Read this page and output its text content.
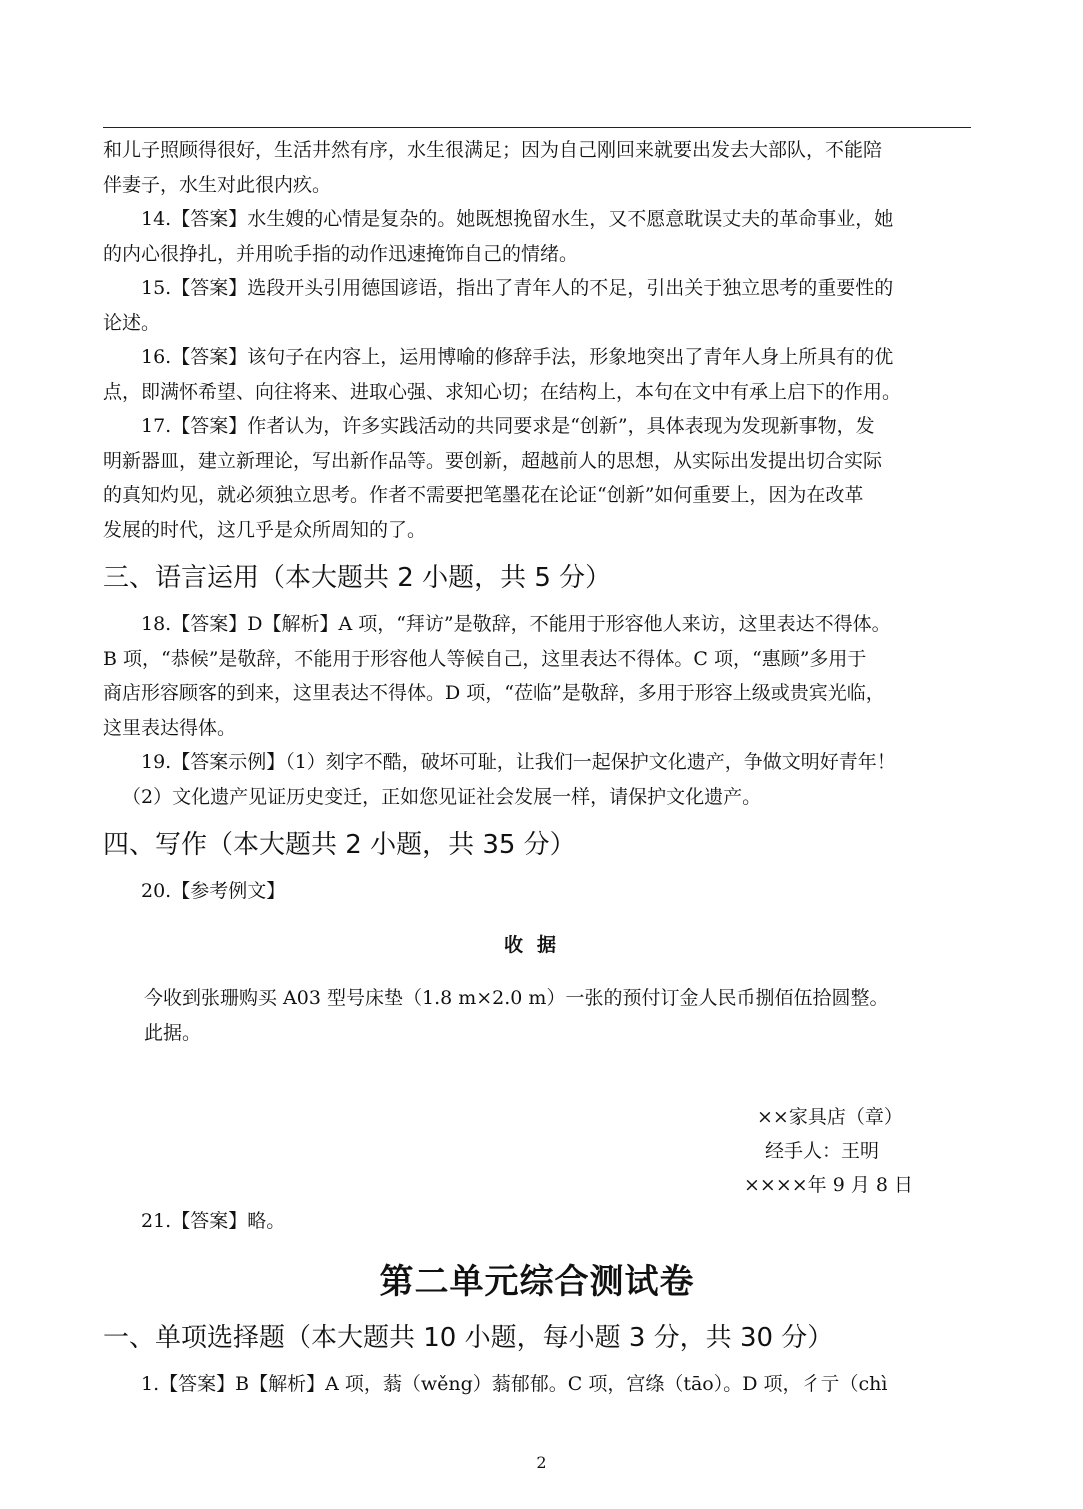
和儿子照顾得很好，生活井然有序，水生很满足；因为自己刚回来就要出发去大部队，不能陪

伴妻子，水生对此很内疚。

14.【答案】水生嫂的心情是复杂的。她既想挽留水生，又不愿意耽误丈夫的革命事业，她

的内心很挣扎，并用吮手指的动作迅速掩饰自己的情绪。

15.【答案】选段开头引用德国谚语，指出了青年人的不足，引出关于独立思考的重要性的

论述。

16.【答案】该句子在内容上，运用博喻的修辞手法，形象地突出了青年人身上所具有的优

点，即满怀希望、向往将来、进取心强、求知心切；在结构上，本句在文中有承上启下的作用。

17.【答案】作者认为，许多实践活动的共同要求是“创新”，具体表现为发现新事物，发

明新器皿，建立新理论，写出新作品等。要创新，超越前人的思想，从实际出发提出切合实际

的真知灼见，就必须独立思考。作者不需要把笔墨花在论证“创新”如何重要上，因为在改革

发展的时代，这几乎是众所周知的了。

三、语言运用（本大题共 2 小题，共 5 分）

18.【答案】D【解析】A 项，“拜访”是敬辞，不能用于形容他人来访，这里表达不得体。

B 项，“恭候”是敬辞，不能用于形容他人等候自己，这里表达不得体。C 项，“惠顾”多用于

商店形容顾客的到来，这里表达不得体。D 项，“莅临”是敬辞，多用于形容上级或贵宾光临，

这里表达得体。

19.【答案示例】（1）刻字不酷，破坏可耻，让我们一起保护文化遗产，争做文明好青年！

（2）文化遗产见证历史变迁，正如您见证社会发展一样，请保护文化遗产。

四、写作（本大题共 2 小题，共 35 分）

20.【参考例文】

收据

今收到张珊购买 A03 型号床垫（1.8 m×2.0 m）一张的预付订金人民币捌佰伍拾圆整。

此据。

××家具店（章）
经手人：王明
××××年 9 月 8 日

21.【答案】略。

第二单元综合测试卷
一、单项选择题（本大题共 10 小题，每小题 3 分，共 30 分）

1.【答案】B【解析】A 项，蓊（wěng）蓊郁郁。C 项，宫绦（tāo）。D 项，彳亍（chì

2
